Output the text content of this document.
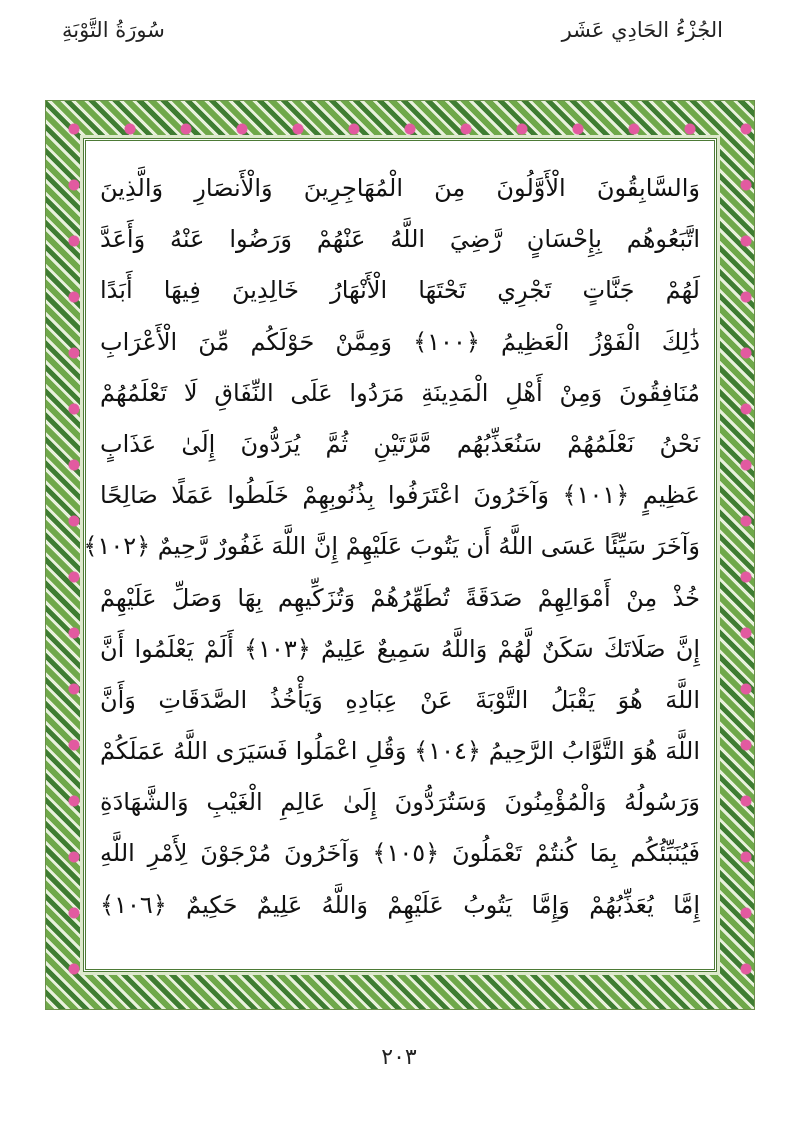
الجُزْءُ الحَادِي عَشَر
سُورَةُ التَّوْبَةِ
وَالسَّابِقُونَ الْأَوَّلُونَ مِنَ الْمُهَاجِرِينَ وَالْأَنصَارِ وَالَّذِينَ
اتَّبَعُوهُم بِإِحْسَانٍ رَّضِيَ اللَّهُ عَنْهُمْ وَرَضُوا عَنْهُ وَأَعَدَّ
لَهُمْ جَنَّاتٍ تَجْرِي تَحْتَهَا الْأَنْهَارُ خَالِدِينَ فِيهَا أَبَدًا
ذَٰلِكَ الْفَوْزُ الْعَظِيمُ ﴿١٠٠﴾ وَمِمَّنْ حَوْلَكُم مِّنَ الْأَعْرَابِ
مُنَافِقُونَ وَمِنْ أَهْلِ الْمَدِينَةِ مَرَدُوا عَلَى النِّفَاقِ لَا تَعْلَمُهُمْ
نَحْنُ نَعْلَمُهُمْ سَنُعَذِّبُهُم مَّرَّتَيْنِ ثُمَّ يُرَدُّونَ إِلَىٰ عَذَابٍ
عَظِيمٍ ﴿١٠١﴾ وَآخَرُونَ اعْتَرَفُوا بِذُنُوبِهِمْ خَلَطُوا عَمَلًا صَالِحًا
وَآخَرَ سَيِّئًا عَسَى اللَّهُ أَن يَتُوبَ عَلَيْهِمْ إِنَّ اللَّهَ غَفُورٌ رَّحِيمٌ ﴿١٠٢﴾
خُذْ مِنْ أَمْوَالِهِمْ صَدَقَةً تُطَهِّرُهُمْ وَتُزَكِّيهِم بِهَا وَصَلِّ عَلَيْهِمْ
إِنَّ صَلَاتَكَ سَكَنٌ لَّهُمْ وَاللَّهُ سَمِيعٌ عَلِيمٌ ﴿١٠٣﴾ أَلَمْ يَعْلَمُوا أَنَّ
اللَّهَ هُوَ يَقْبَلُ التَّوْبَةَ عَنْ عِبَادِهِ وَيَأْخُذُ الصَّدَقَاتِ وَأَنَّ
اللَّهَ هُوَ التَّوَّابُ الرَّحِيمُ ﴿١٠٤﴾ وَقُلِ اعْمَلُوا فَسَيَرَى اللَّهُ عَمَلَكُمْ
وَرَسُولُهُ وَالْمُؤْمِنُونَ وَسَتُرَدُّونَ إِلَىٰ عَالِمِ الْغَيْبِ وَالشَّهَادَةِ
فَيُنَبِّئُكُم بِمَا كُنتُمْ تَعْمَلُونَ ﴿١٠٥﴾ وَآخَرُونَ مُرْجَوْنَ لِأَمْرِ اللَّهِ
إِمَّا يُعَذِّبُهُمْ وَإِمَّا يَتُوبُ عَلَيْهِمْ وَاللَّهُ عَلِيمٌ حَكِيمٌ ﴿١٠٦﴾
٢٠٣
